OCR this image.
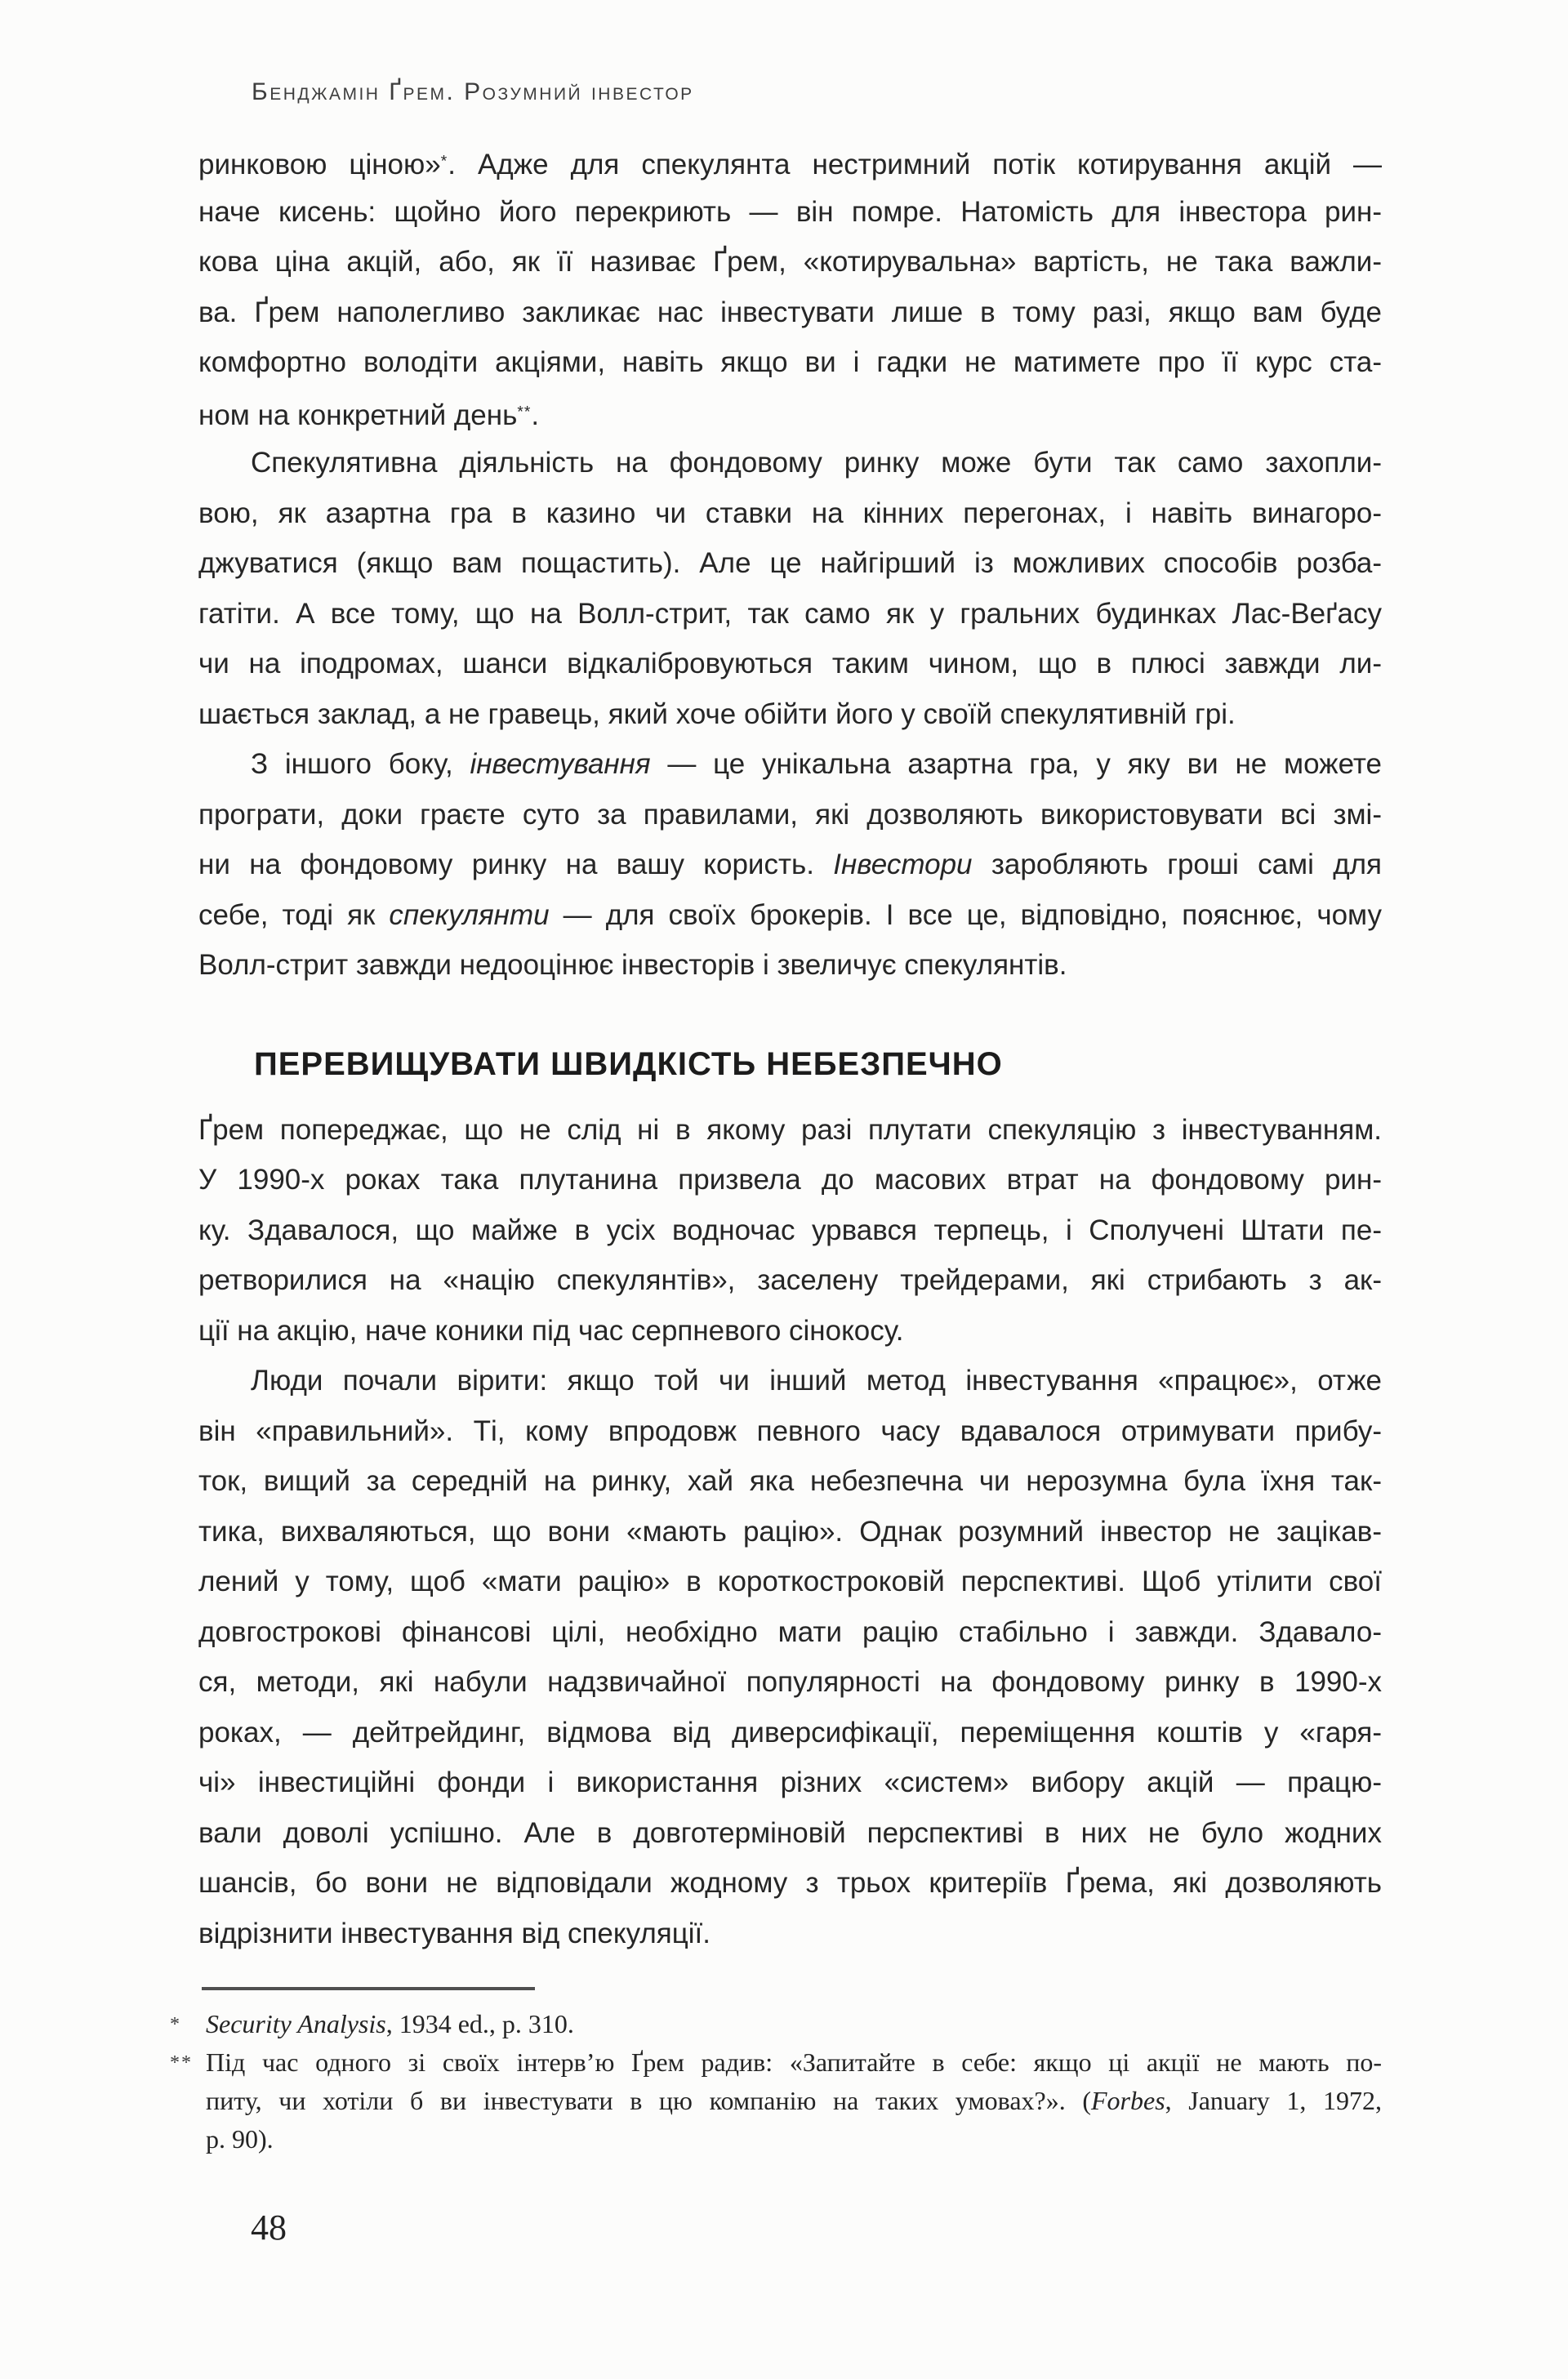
Бенджамін Ґрем. Розумний інвестор
ринковою ціною»*. Адже для спекулянта нестримний потік котирування акцій —
наче кисень: щойно його перекриють — він помре. Натомість для інвестора рин-
кова ціна акцій, або, як її називає Ґрем, «котирувальна» вартість, не така важли-
ва. Ґрем наполегливо закликає нас інвестувати лише в тому разі, якщо вам буде
комфортно володіти акціями, навіть якщо ви і гадки не матимете про її курс ста-
ном на конкретний день**.
Спекулятивна діяльність на фондовому ринку може бути так само захопли-
вою, як азартна гра в казино чи ставки на кінних перегонах, і навіть винагоро-
джуватися (якщо вам пощастить). Але це найгірший із можливих способів розба-
гатіти. А все тому, що на Волл-стрит, так само як у гральних будинках Лас-Веґасу
чи на іподромах, шанси відкалібровуються таким чином, що в плюсі завжди ли-
шається заклад, а не гравець, який хоче обійти його у своїй спекулятивній грі.
З іншого боку, інвестування — це унікальна азартна гра, у яку ви не можете
програти, доки граєте суто за правилами, які дозволяють використовувати всі змі-
ни на фондовому ринку на вашу користь. Інвестори заробляють гроші самі для
себе, тоді як спекулянти — для своїх брокерів. І все це, відповідно, пояснює, чому
Волл-стрит завжди недооцінює інвесторів і звеличує спекулянтів.
ПЕРЕВИЩУВАТИ ШВИДКІСТЬ НЕБЕЗПЕЧНО
Ґрем попереджає, що не слід ні в якому разі плутати спекуляцію з інвестуванням.
У 1990-х роках така плутанина призвела до масових втрат на фондовому рин-
ку. Здавалося, що майже в усіх водночас урвався терпець, і Сполучені Штати пе-
ретворилися на «націю спекулянтів», заселену трейдерами, які стрибають з ак-
ції на акцію, наче коники під час серпневого сінокосу.
Люди почали вірити: якщо той чи інший метод інвестування «працює», отже
він «правильний». Ті, кому впродовж певного часу вдавалося отримувати прибу-
ток, вищий за середній на ринку, хай яка небезпечна чи нерозумна була їхня так-
тика, вихваляються, що вони «мають рацію». Однак розумний інвестор не зацікав-
лений у тому, щоб «мати рацію» в короткостроковій перспективі. Щоб утілити свої
довгострокові фінансові цілі, необхідно мати рацію стабільно і завжди. Здавало-
ся, методи, які набули надзвичайної популярності на фондовому ринку в 1990-х
роках, — дейтрейдинг, відмова від диверсифікації, переміщення коштів у «гаря-
чі» інвестиційні фонди і використання різних «систем» вибору акцій — працю-
вали доволі успішно. Але в довготерміновій перспективі в них не було жодних
шансів, бо вони не відповідали жодному з трьох критеріїв Ґрема, які дозволяють
відрізнити інвестування від спекуляції.
* Security Analysis, 1934 ed., p. 310.
** Під час одного зі своїх інтерв’ю Ґрем радив: «Запитайте в себе: якщо ці акції не мають по-
питу, чи хотіли б ви інвестувати в цю компанію на таких умовах?». (Forbes, January 1, 1972,
p. 90).
48
